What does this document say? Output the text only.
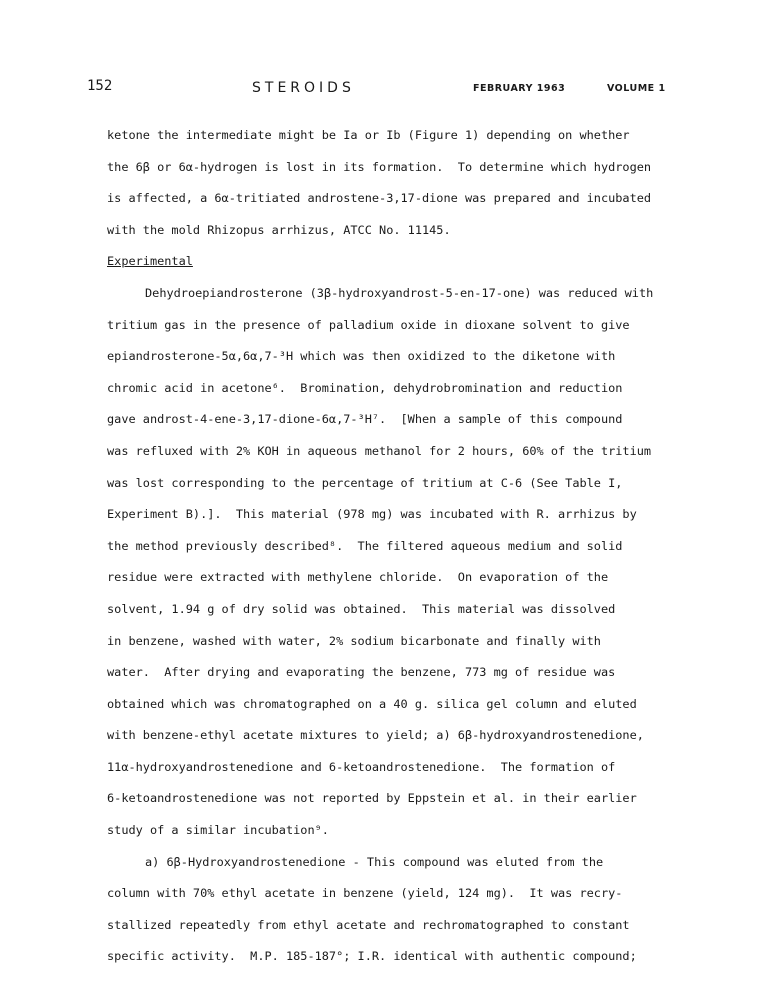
152	STEROIDS	FEBRUARY 1963	VOLUME 1
ketone the intermediate might be Ia or Ib (Figure 1) depending on whether
the 6β or 6α-hydrogen is lost in its formation.  To determine which hydrogen
is affected, a 6α-tritiated androstene-3,17-dione was prepared and incubated
with the mold Rhizopus arrhizus, ATCC No. 11145.
Experimental
Dehydroepiandrosterone (3β-hydroxyandrost-5-en-17-one) was reduced with
tritium gas in the presence of palladium oxide in dioxane solvent to give
epiandrosterone-5α,6α,7-³H which was then oxidized to the diketone with
chromic acid in acetone⁶.  Bromination, dehydrobromination and reduction
gave androst-4-ene-3,17-dione-6α,7-³H⁷.  [When a sample of this compound
was refluxed with 2% KOH in aqueous methanol for 2 hours, 60% of the tritium
was lost corresponding to the percentage of tritium at C-6 (See Table I,
Experiment B).].  This material (978 mg) was incubated with R. arrhizus by
the method previously described⁸.  The filtered aqueous medium and solid
residue were extracted with methylene chloride.  On evaporation of the
solvent, 1.94 g of dry solid was obtained.  This material was dissolved
in benzene, washed with water, 2% sodium bicarbonate and finally with
water.  After drying and evaporating the benzene, 773 mg of residue was
obtained which was chromatographed on a 40 g. silica gel column and eluted
with benzene-ethyl acetate mixtures to yield; a) 6β-hydroxyandrostenedione,
11α-hydroxyandrostenedione and 6-ketoandrostenedione.  The formation of
6-ketoandrostenedione was not reported by Eppstein et al. in their earlier
study of a similar incubation⁹.
a) 6β-Hydroxyandrostenedione - This compound was eluted from the
column with 70% ethyl acetate in benzene (yield, 124 mg).  It was recry-
stallized repeatedly from ethyl acetate and rechromatographed to constant
specific activity.  M.P. 185-187°; I.R. identical with authentic compound;
